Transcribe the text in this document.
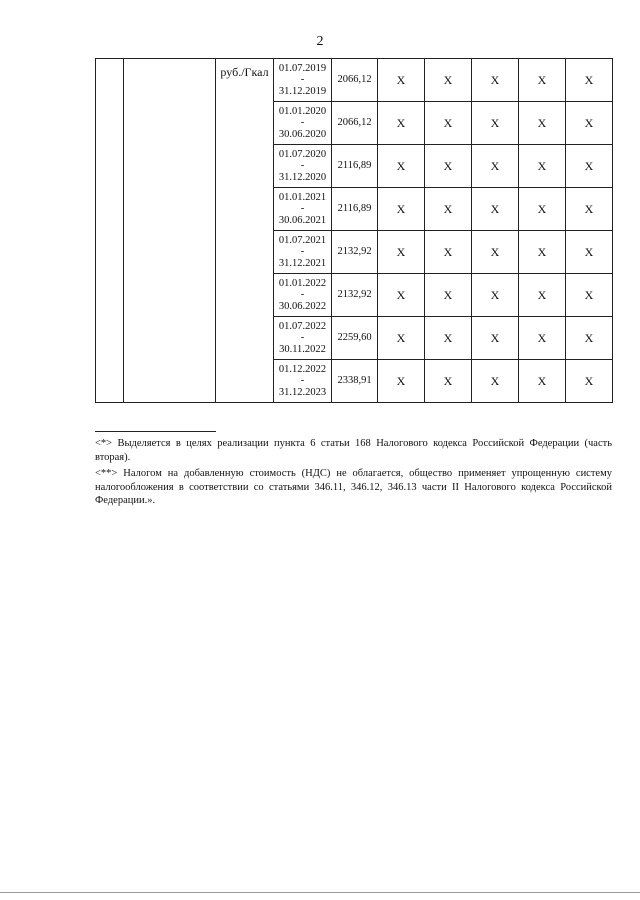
2
		руб./Гкал	01.07.2019
-
31.12.2019	2066,12	Х	Х	Х	Х	Х

			01.01.2020
-
30.06.2020	2066,12	Х	Х	Х	Х	Х

			01.07.2020
-
31.12.2020	2116,89	Х	Х	Х	Х	Х

			01.01.2021
-
30.06.2021	2116,89	Х	Х	Х	Х	Х

			01.07.2021
-
31.12.2021	2132,92	Х	Х	Х	Х	Х

			01.01.2022
-
30.06.2022	2132,92	Х	Х	Х	Х	Х

			01.07.2022
-
30.11.2022	2259,60	Х	Х	Х	Х	Х

			01.12.2022
-
31.12.2023	2338,91	Х	Х	Х	Х	Х

<*> Выделяется в целях реализации пункта 6 статьи 168 Налогового кодекса Российской Федерации (часть вторая).

<**> Налогом на добавленную стоимость (НДС) не облагается, общество применяет упрощенную систему налогообложения в соответствии со статьями 346.11, 346.12, 346.13 части II Налогового кодекса Российской Федерации.».
